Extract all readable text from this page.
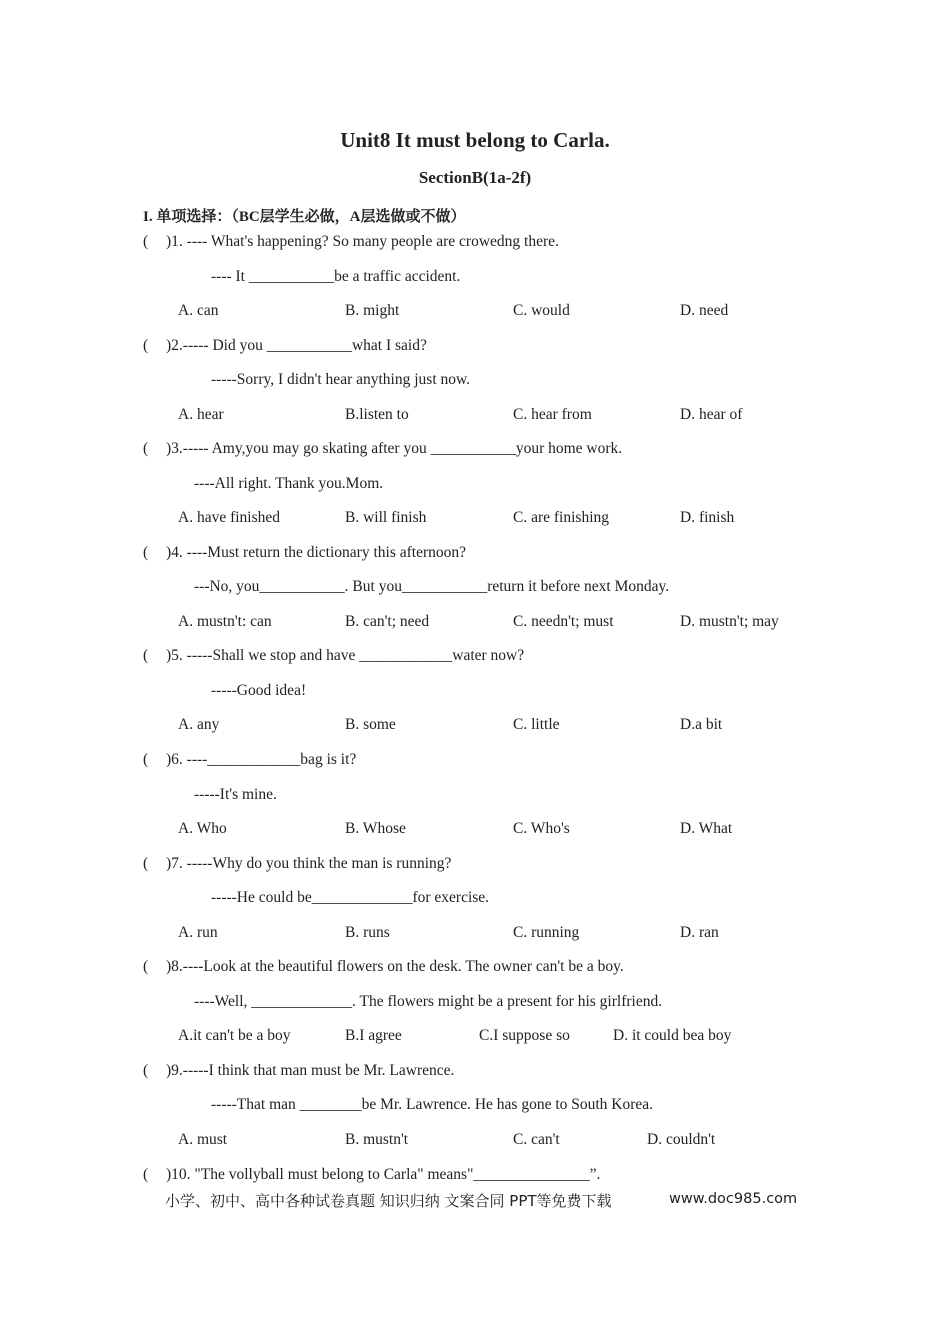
Unit8 It must belong to Carla.
SectionB(1a-2f)
I. 单项选择：（BC层学生必做，A层选做或不做）
( )1. ---- What's happening? So many people are crowedng there.
---- It ___________be a traffic accident.
A. can	B. might	C. would	D. need
( )2.----- Did you ___________what I said?
-----Sorry, I didn't hear anything just now.
A. hear	B.listen to	C. hear from	D. hear of
( )3.----- Amy,you may go skating after you ___________your home work.
----All right. Thank you.Mom.
A. have finished	B. will finish	C. are finishing	D. finish
( )4. ----Must return the dictionary this afternoon?
---No, you___________. But you___________return it before next Monday.
A. mustn't: can	B. can't; need	C. needn't; must	D. mustn't; may
( )5. -----Shall we stop and have ____________water now?
-----Good idea!
A. any	B. some	C. little	D.a bit
( )6. ----____________bag is it?
-----It's mine.
A. Who	B. Whose	C. Who's	D. What
( )7. -----Why do you think the man is running?
-----He could be_____________for exercise.
A. run	B. runs	C. running	D. ran
( )8.----Look at the beautiful flowers on the desk. The owner can't be a boy.
----Well, _____________. The flowers might be a present for his girlfriend.
A.it can't be a boy	B.I agree	C.I suppose so	D. it could bea boy
( )9.-----I think that man must be Mr. Lawrence.
-----That man ________be Mr. Lawrence. He has gone to South Korea.
A. must	B. mustn't	C. can't	D. couldn't
( )10. "The vollyball must belong to Carla" means"_______________”.
小学、初中、高中各种试卷真题 知识归纳 文案合同 PPT等免费下载	www.doc985.com
